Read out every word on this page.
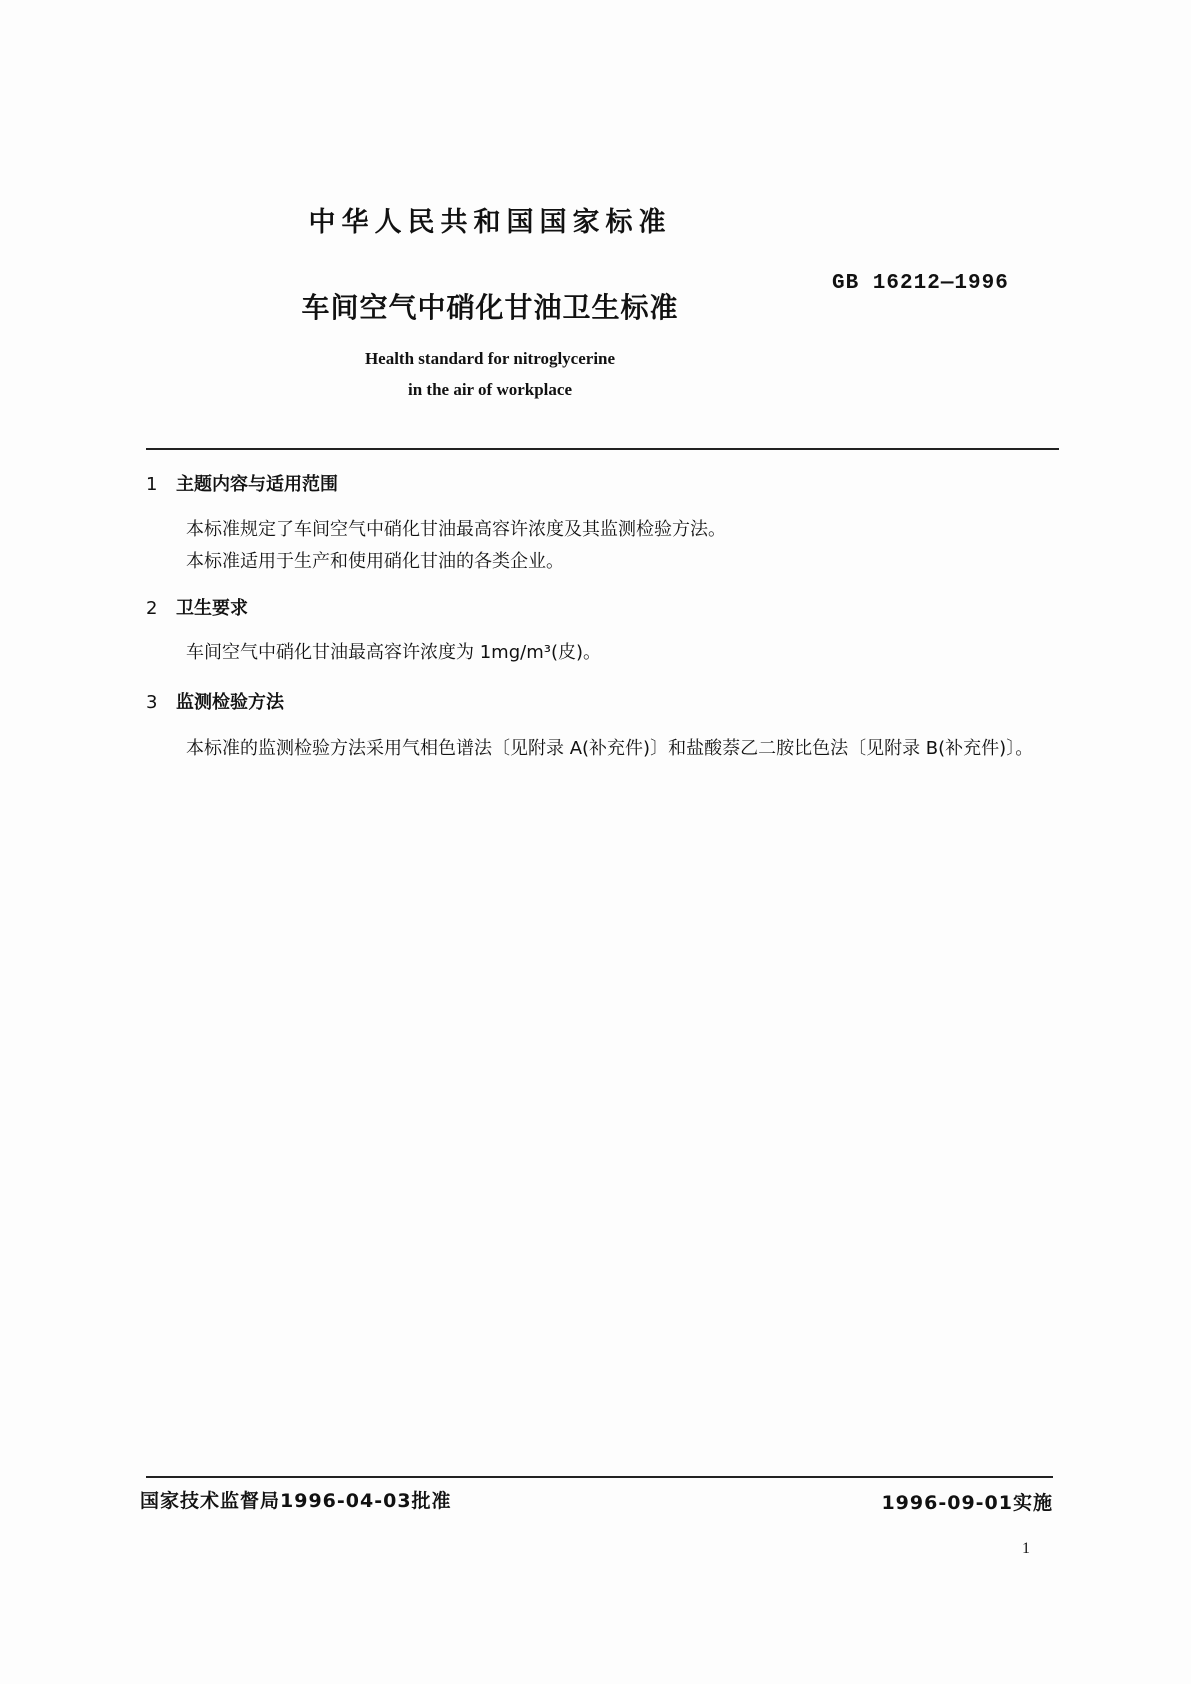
中华人民共和国国家标准
GB 16212—1996
车间空气中硝化甘油卫生标准
Health standard for nitroglycerine
in the air of workplace
1 主题内容与适用范围
本标准规定了车间空气中硝化甘油最高容许浓度及其监测检验方法。
本标准适用于生产和使用硝化甘油的各类企业。
2 卫生要求
车间空气中硝化甘油最高容许浓度为 1mg/m³(皮)。
3 监测检验方法
本标准的监测检验方法采用气相色谱法〔见附录 A(补充件)〕和盐酸萘乙二胺比色法〔见附录 B(补充件)〕。
国家技术监督局1996-04-03批准	1996-09-01实施
1
